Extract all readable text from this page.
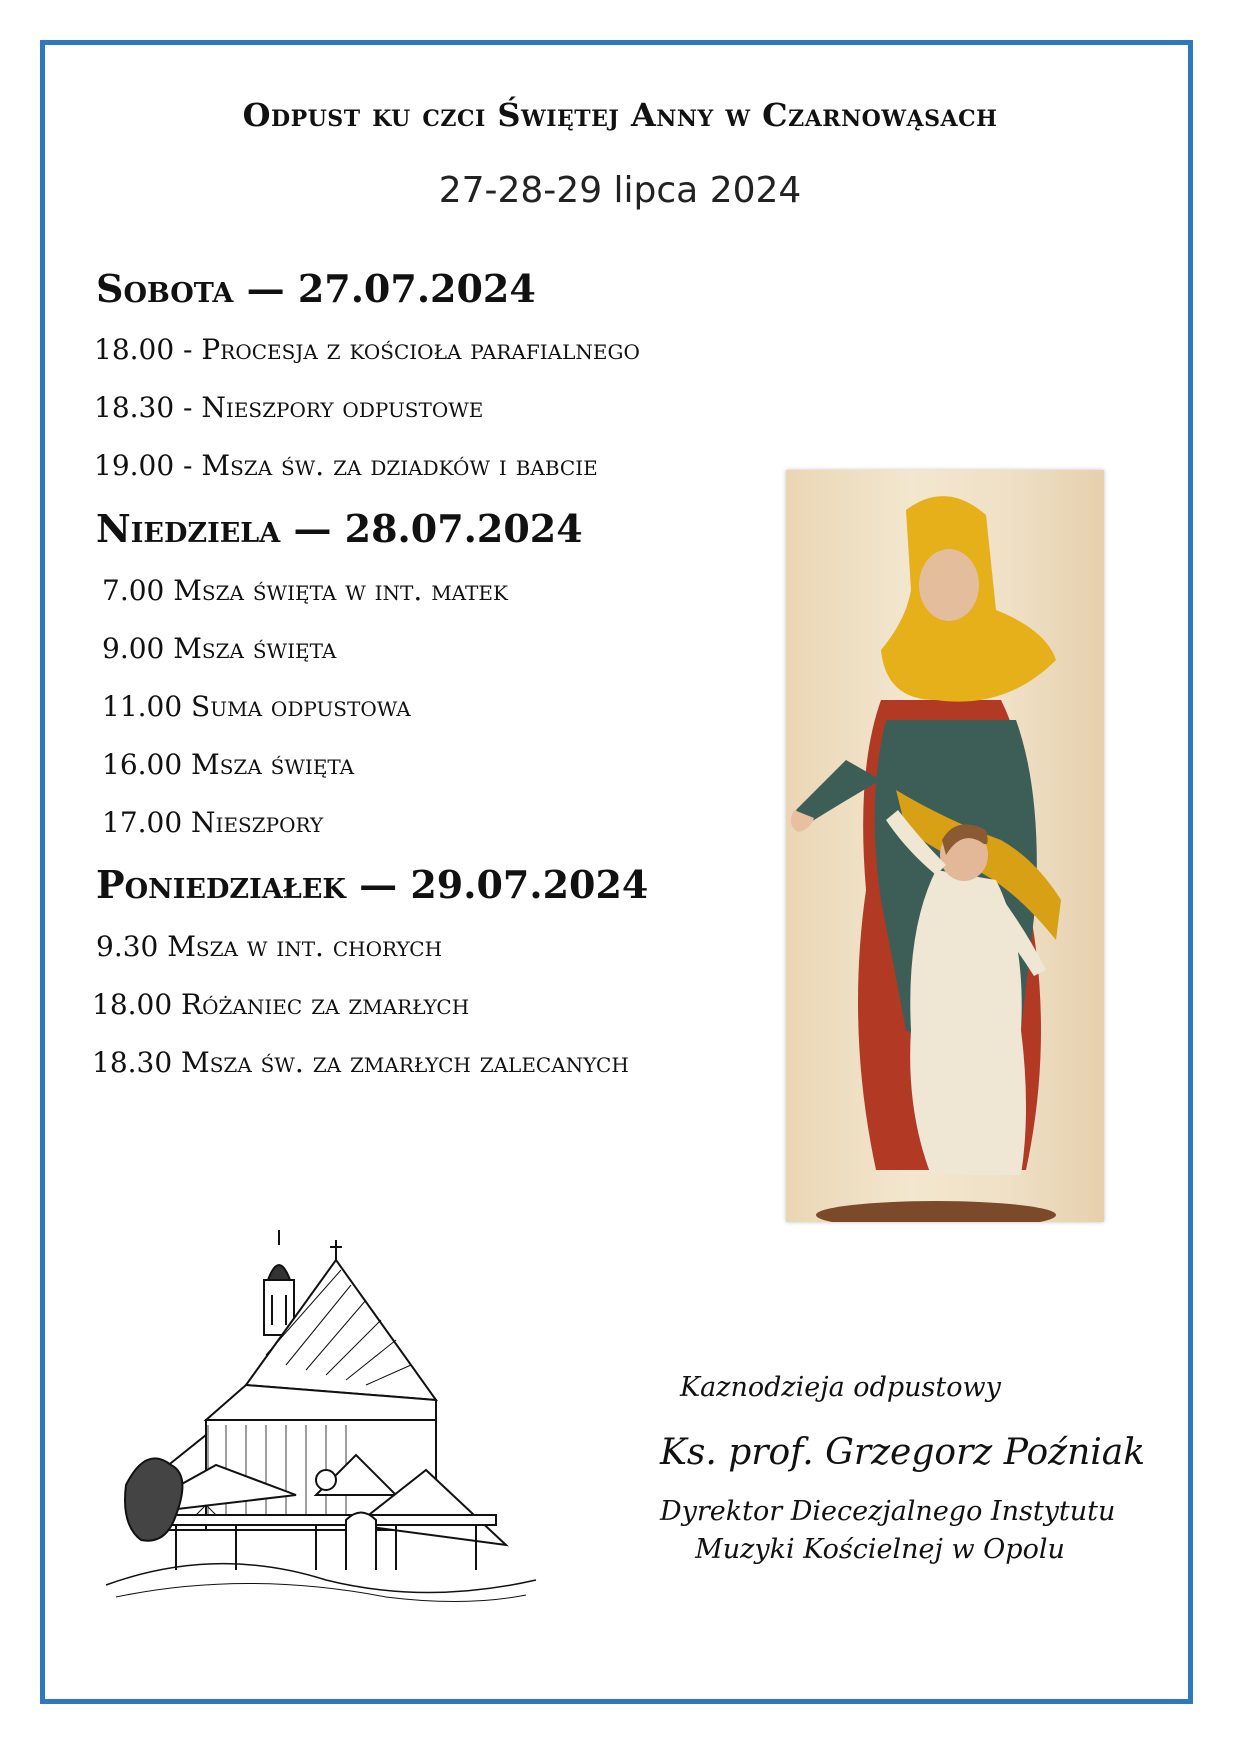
Odpust ku czci Świętej Anny w Czarnowąsach
27-28-29 lipca 2024
Sobota — 27.07.2024
18.00 - Procesja z kościoła parafialnego
18.30 - Nieszpory odpustowe
19.00 - Msza św. za dziadków i babcie
Niedziela — 28.07.2024
7.00 Msza święta w int. matek
9.00 Msza święta
11.00 Suma odpustowa
16.00 Msza święta
17.00 Nieszpory
Poniedziałek — 29.07.2024
9.30 Msza w int. chorych
18.00 Różaniec za zmarłych
18.30 Msza św. za zmarłych zalecanych
Kaznodzieja odpustowy
Ks. prof. Grzegorz Poźniak
Dyrektor Diecezjalnego Instytutu
Muzyki Kościelnej w Opolu
